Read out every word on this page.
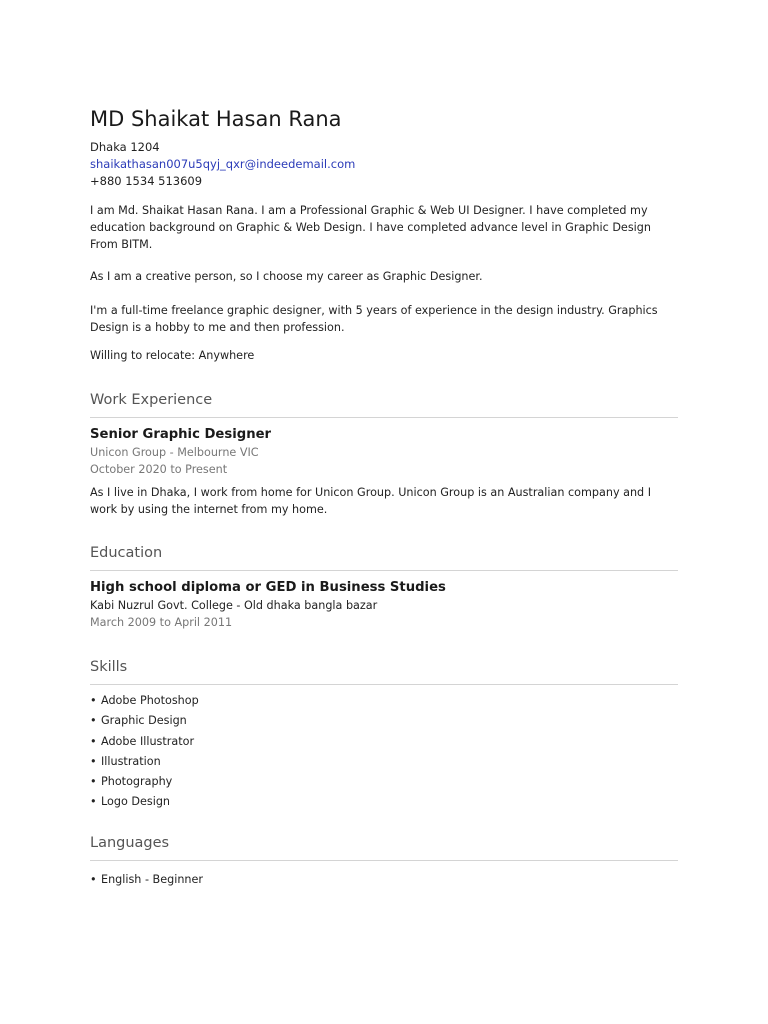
MD Shaikat Hasan Rana
Dhaka 1204
shaikathasan007u5qyj_qxr@indeedemail.com
+880 1534 513609

I am Md. Shaikat Hasan Rana. I am a Professional Graphic & Web UI Designer. I have completed my education background on Graphic & Web Design. I have completed advance level in Graphic Design From BITM.

As I am a creative person, so I choose my career as Graphic Designer.

I'm a full-time freelance graphic designer, with 5 years of experience in the design industry. Graphics Design is a hobby to me and then profession.

Willing to relocate: Anywhere

Work Experience
Senior Graphic Designer
Unicon Group - Melbourne VIC
October 2020 to Present

As I live in Dhaka, I work from home for Unicon Group. Unicon Group is an Australian company and I work by using the internet from my home.

Education
High school diploma or GED in Business Studies
Kabi Nuzrul Govt. College - Old dhaka bangla bazar
March 2009 to April 2011
Skills
• Adobe Photoshop
• Graphic Design
• Adobe Illustrator
• Illustration
• Photography
• Logo Design
Languages
• English - Beginner
